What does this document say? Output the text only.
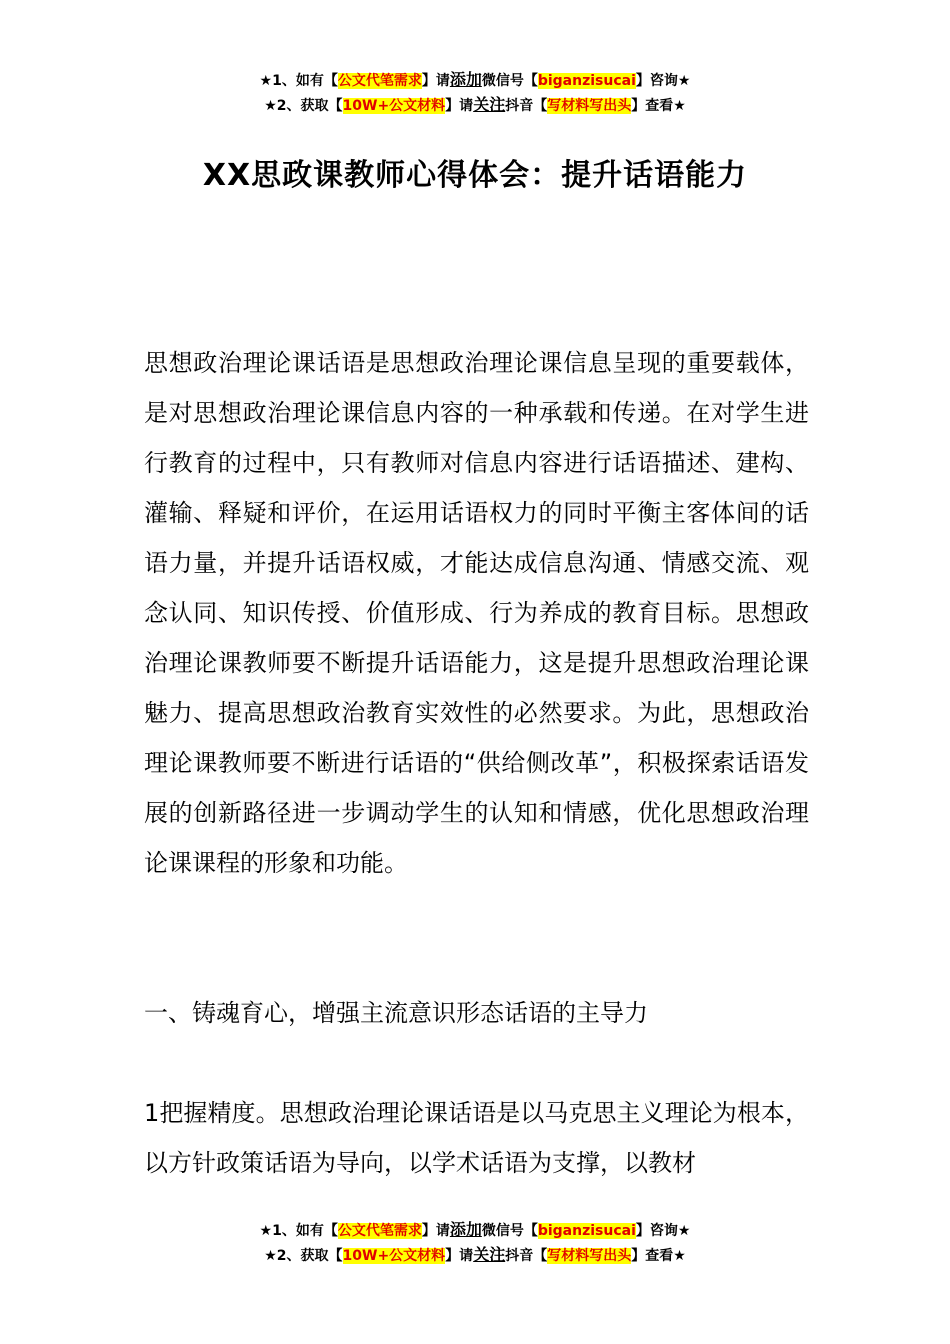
★1、如有【公文代笔需求】请添加微信号【biganzisucai】咨询★
★2、获取【10W+公文材料】请关注抖音【写材料写出头】查看★
XX思政课教师心得体会：提升话语能力

思想政治理论课话语是思想政治理论课信息呈现的重要载体，是对思想政治理论课信息内容的一种承载和传递。在对学生进行教育的过程中，只有教师对信息内容进行话语描述、建构、灌输、释疑和评价，在运用话语权力的同时平衡主客体间的话语力量，并提升话语权威，才能达成信息沟通、情感交流、观念认同、知识传授、价值形成、行为养成的教育目标。思想政治理论课教师要不断提升话语能力，这是提升思想政治理论课魅力、提高思想政治教育实效性的必然要求。为此，思想政治理论课教师要不断进行话语的“供给侧改革”，积极探索话语发展的创新路径进一步调动学生的认知和情感，优化思想政治理论课课程的形象和功能。

一、铸魂育心，增强主流意识形态话语的主导力

1把握精度。思想政治理论课话语是以马克思主义理论为根本，以方针政策话语为导向，以学术话语为支撑，以教材

★1、如有【公文代笔需求】请添加微信号【biganzisucai】咨询★
★2、获取【10W+公文材料】请关注抖音【写材料写出头】查看★
